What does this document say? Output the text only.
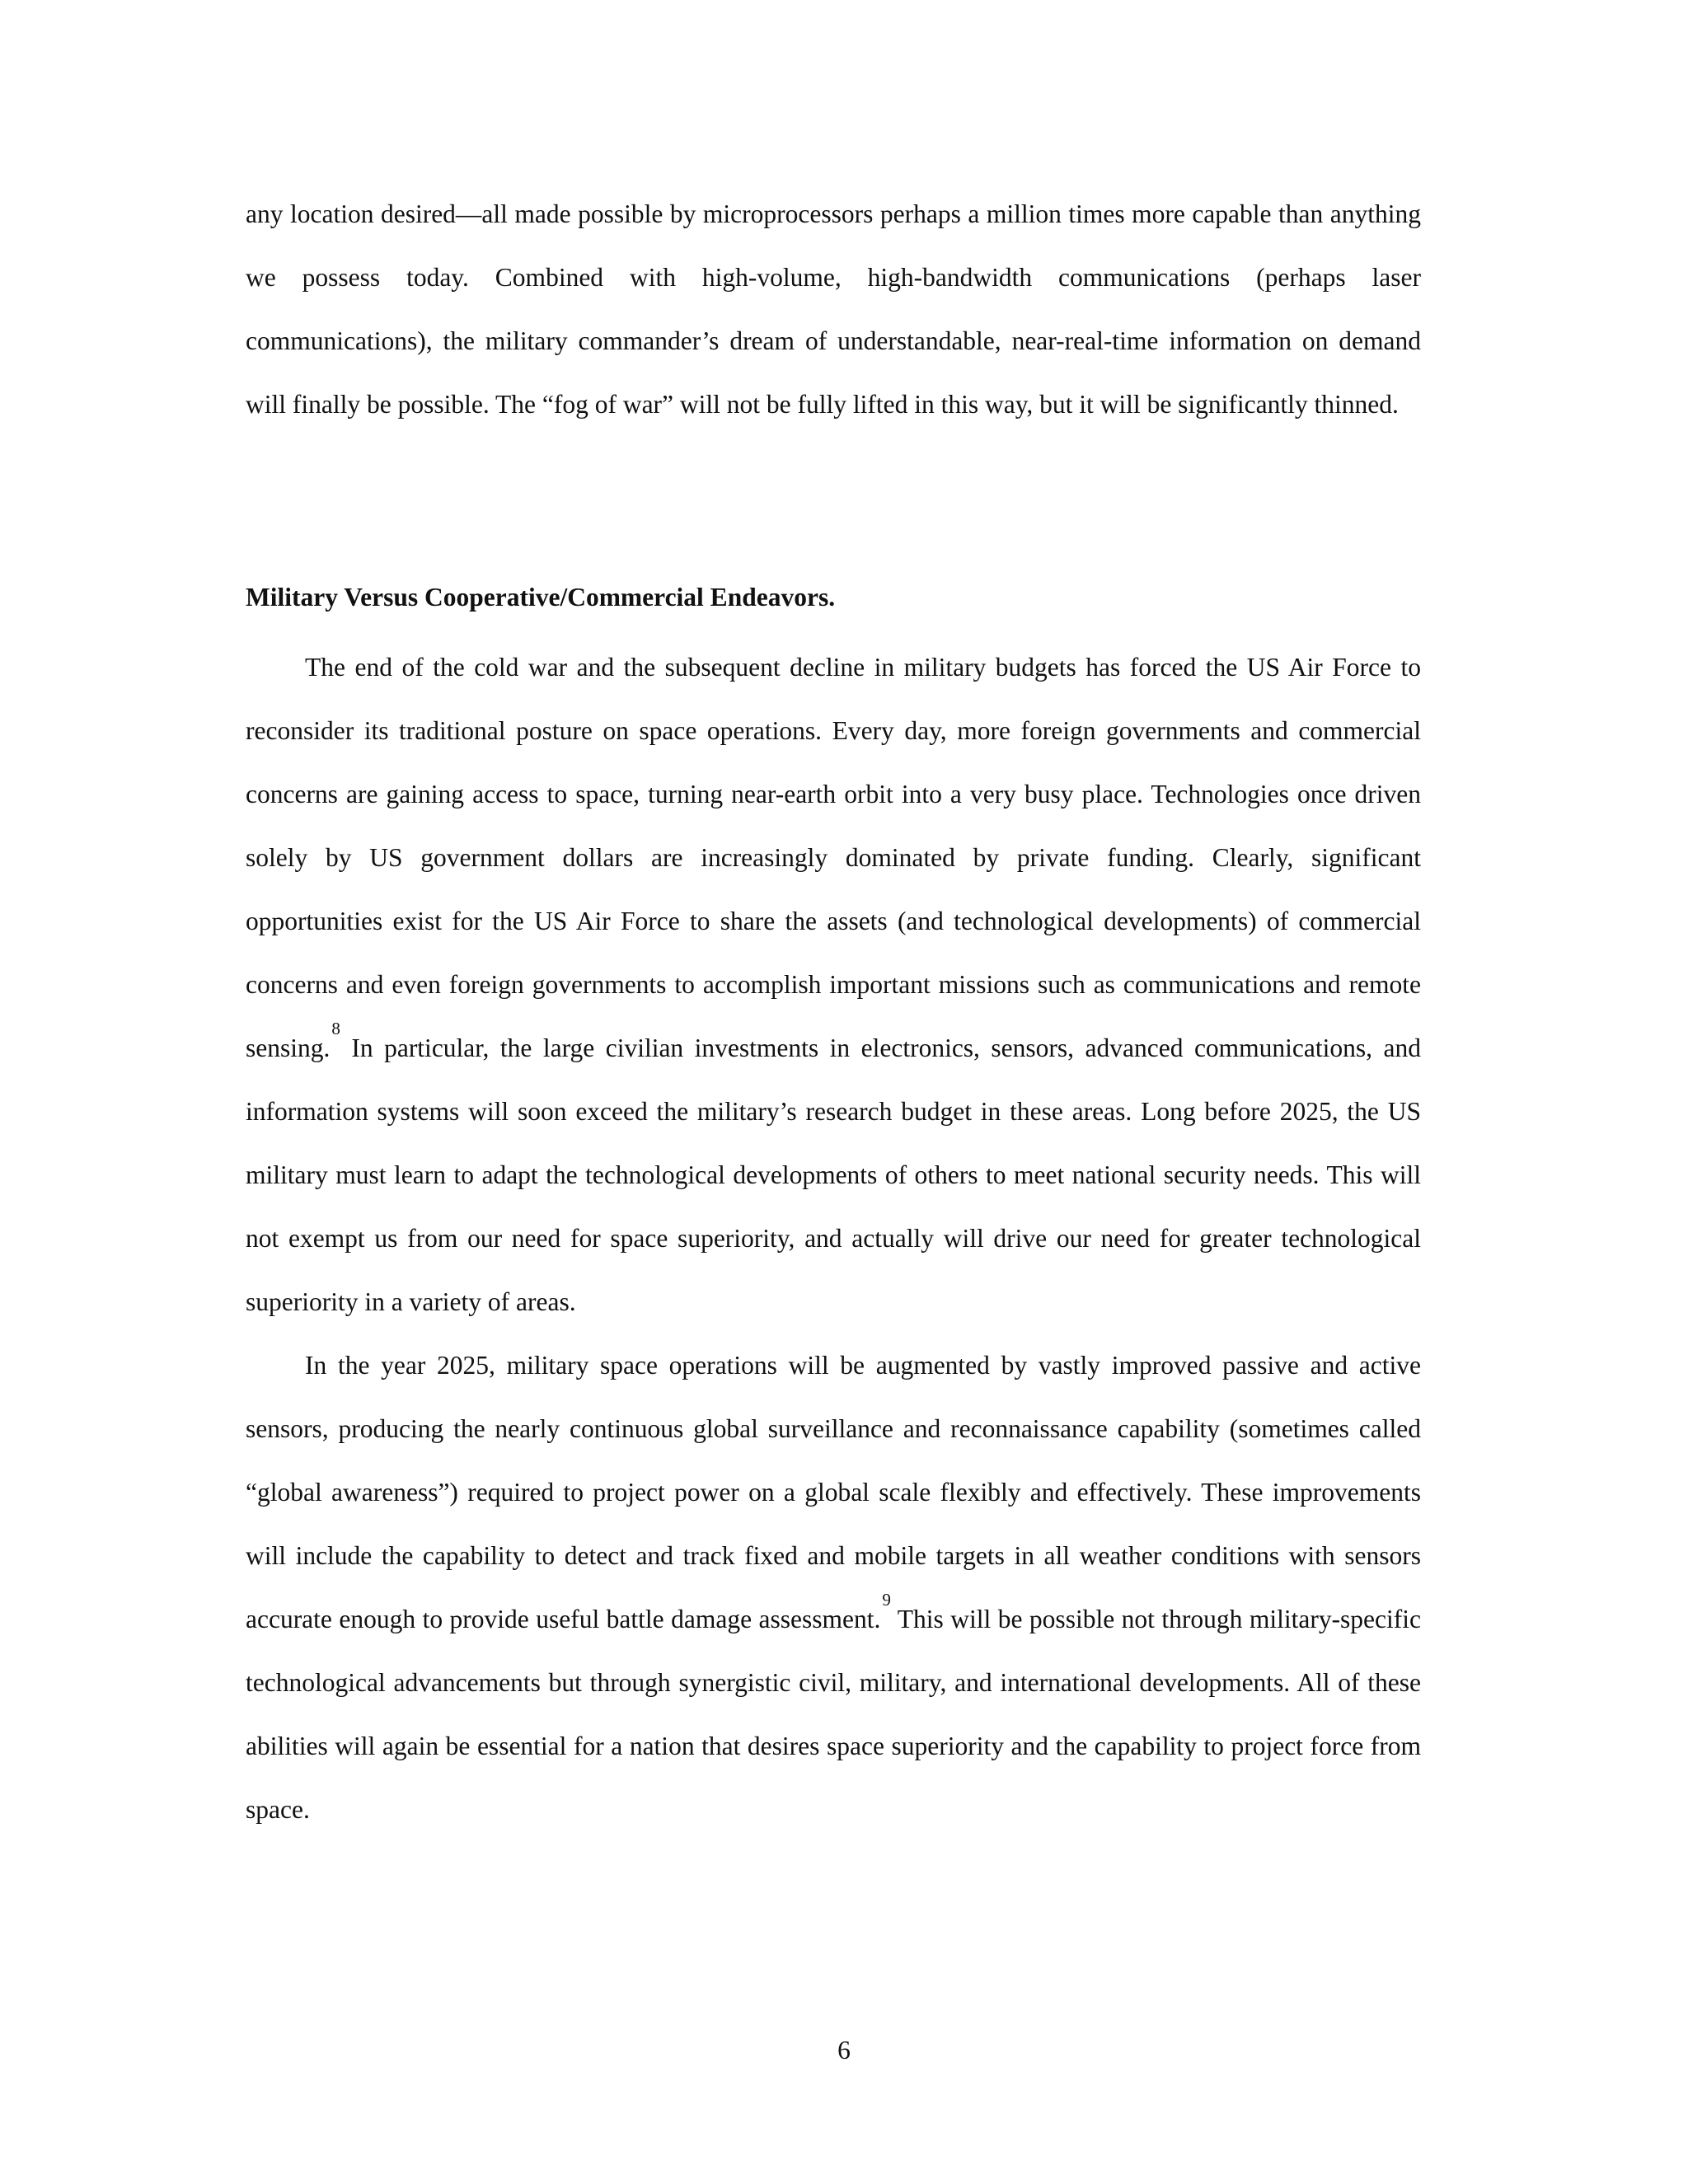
any location desired—all made possible by microprocessors perhaps a million times more capable than anything we possess today. Combined with high-volume, high-bandwidth communications (perhaps laser communications), the military commander’s dream of understandable, near-real-time information on demand will finally be possible. The “fog of war” will not be fully lifted in this way, but it will be significantly thinned.

Military Versus Cooperative/Commercial Endeavors.

The end of the cold war and the subsequent decline in military budgets has forced the US Air Force to reconsider its traditional posture on space operations. Every day, more foreign governments and commercial concerns are gaining access to space, turning near-earth orbit into a very busy place. Technologies once driven solely by US government dollars are increasingly dominated by private funding. Clearly, significant opportunities exist for the US Air Force to share the assets (and technological developments) of commercial concerns and even foreign governments to accomplish important missions such as communications and remote sensing.$^8$ In particular, the large civilian investments in electronics, sensors, advanced communications, and information systems will soon exceed the military’s research budget in these areas. Long before 2025, the US military must learn to adapt the technological developments of others to meet national security needs. This will not exempt us from our need for space superiority, and actually will drive our need for greater technological superiority in a variety of areas.

In the year 2025, military space operations will be augmented by vastly improved passive and active sensors, producing the nearly continuous global surveillance and reconnaissance capability (sometimes called “global awareness”) required to project power on a global scale flexibly and effectively. These improvements will include the capability to detect and track fixed and mobile targets in all weather conditions with sensors accurate enough to provide useful battle damage assessment.$^9$ This will be possible not through military-specific technological advancements but through synergistic civil, military, and international developments. All of these abilities will again be essential for a nation that desires space superiority and the capability to project force from space.

6
